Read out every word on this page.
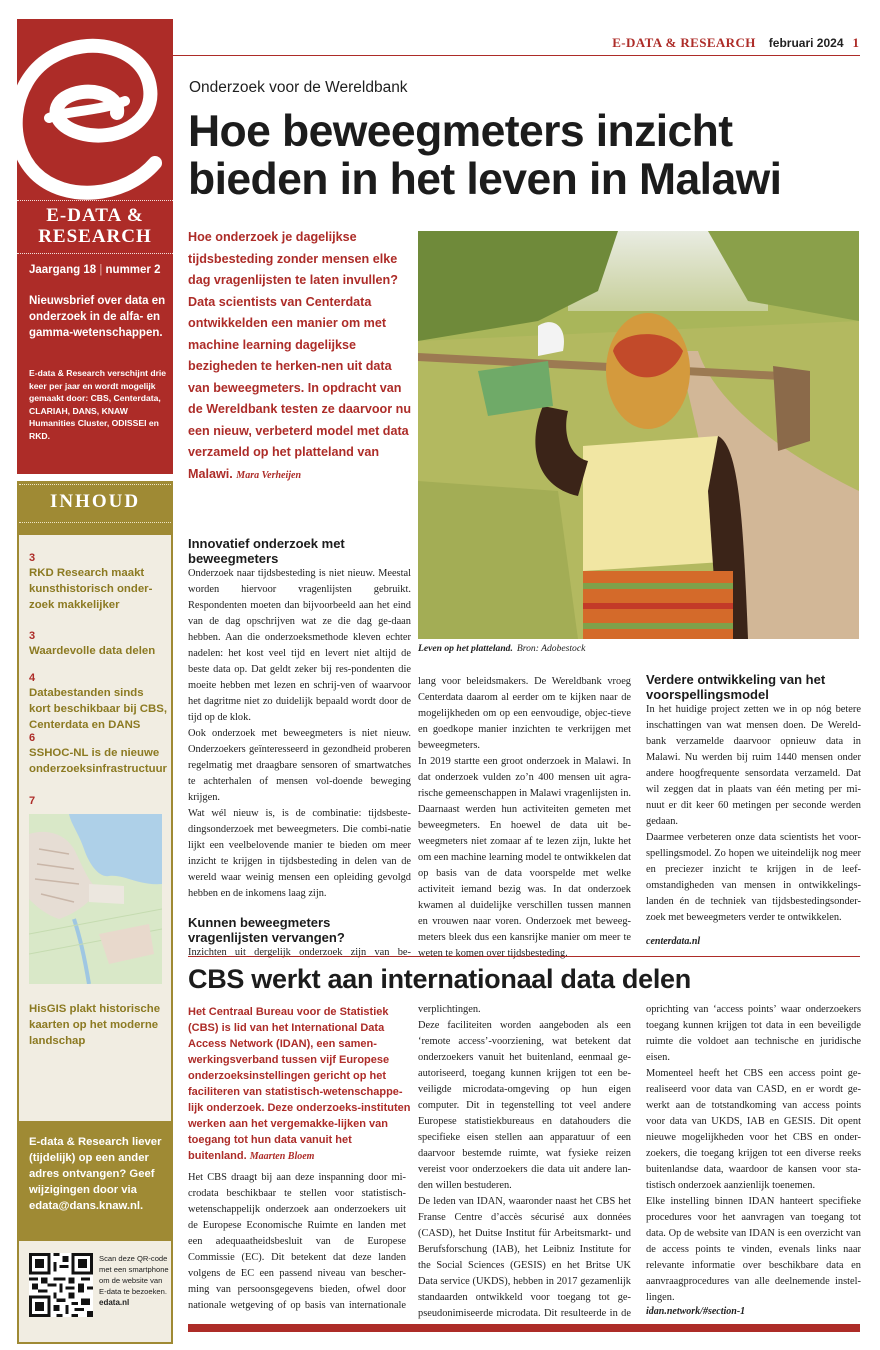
E-DATA &
RESEARCH
Jaargang 18 | nummer 2
Nieuwsbrief over data en onderzoek in de alfa- en gamma-wetenschappen.
E-data & Research verschijnt drie keer per jaar en wordt mogelijk gemaakt door: CBS, Centerdata, CLARIAH, DANS, KNAW Humanities Cluster, ODISSEI en RKD.
INHOUD
3
RKD Research maakt kunsthistorisch onder-zoek makkelijker
3
Waardevolle data delen
4
Databestanden sinds kort beschikbaar bij CBS, Centerdata en DANS
6
SSHOC-NL is de nieuwe onderzoeksinfrastructuur
7
HisGIS plakt historische kaarten op het moderne landschap
E-data & Research liever (tijdelijk) op een ander adres ontvangen? Geef wijzigingen door via edata@dans.knaw.nl.
Scan deze QR-code met een smartphone om de website van E-data te bezoeken.
edata.nl
E-DATA & RESEARCH februari 2024 1
Onderzoek voor de Wereldbank
Hoe beweegmeters inzicht bieden in het leven in Malawi
Hoe onderzoek je dagelijkse tijdsbesteding zonder mensen elke dag vragenlijsten te laten invullen? Data scientists van Centerdata ontwikkelden een manier om met machine learning dagelijkse bezigheden te herken-nen uit data van beweegmeters. In opdracht van de Wereldbank testen ze daarvoor nu een nieuw, verbeterd model met data verzameld op het platteland van Malawi. Mara Verheijen
Leven op het platteland. Bron: Adobestock
Innovatief onderzoek met beweegmeters

Onderzoek naar tijdsbesteding is niet nieuw. Meestal worden hiervoor vragenlijsten gebruikt. Respondenten moeten dan bijvoorbeeld aan het eind van de dag opschrijven wat ze die dag ge-daan hebben. Aan die onderzoeksmethode kleven echter nadelen: het kost veel tijd en levert niet altijd de beste data op. Dat geldt zeker bij res-pondenten die moeite hebben met lezen en schrij-ven of waarvoor het dagritme niet zo duidelijk bepaald wordt door de tijd op de klok.

Ook onderzoek met beweegmeters is niet nieuw. Onderzoekers geïnteresseerd in gezondheid proberen regelmatig met draagbare sensoren of smartwatches te achterhalen of mensen vol-doende beweging krijgen.

Wat wél nieuw is, is de combinatie: tijdsbeste-dingsonderzoek met beweegmeters. Die combi-natie lijkt een veelbelovende manier te bieden om meer inzicht te krijgen in tijdsbesteding in delen van de wereld waar weinig mensen een opleiding gevolgd hebben en de inkomens laag zijn.

Kunnen beweegmeters vragenlijsten vervangen?

Inzichten uit dergelijk onderzoek zijn van be-

lang voor beleidsmakers. De Wereldbank vroeg Centerdata daarom al eerder om te kijken naar de mogelijkheden om op een eenvoudige, objec-tieve en goedkope manier inzichten te verkrijgen met beweegmeters.

In 2019 startte een groot onderzoek in Malawi. In dat onderzoek vulden zo’n 400 mensen uit agra-rische gemeenschappen in Malawi vragenlijsten in. Daarnaast werden hun activiteiten gemeten met beweegmeters. En hoewel de data uit be-weegmeters niet zomaar af te lezen zijn, lukte het om een machine learning model te ontwikkelen dat op basis van de data voorspelde met welke activiteit iemand bezig was. In dat onderzoek kwamen al duidelijke verschillen tussen mannen en vrouwen naar voren. Onderzoek met beweeg-meters bleek dus een kansrijke manier om meer te weten te komen over tijdsbesteding.

Verdere ontwikkeling van het voorspellingsmodel

In het huidige project zetten we in op nóg betere inschattingen van wat mensen doen. De Wereld-bank verzamelde daarvoor opnieuw data in Malawi. Nu werden bij ruim 1440 mensen onder andere hoogfrequente sensordata verzameld. Dat wil zeggen dat in plaats van één meting per mi-nuut er dit keer 60 metingen per seconde werden gedaan.

Daarmee verbeteren onze data scientists het voor-spellingsmodel. Zo hopen we uiteindelijk nog meer en preciezer inzicht te krijgen in de leef-omstandigheden van mensen in ontwikkelings-landen én de techniek van tijdsbestedingsonder-zoek met beweegmeters verder te ontwikkelen.

centerdata.nl
CBS werkt aan internationaal data delen
Het Centraal Bureau voor de Statistiek (CBS) is lid van het International Data Access Network (IDAN), een samen-werkingsverband tussen vijf Europese onderzoeksinstellingen gericht op het faciliteren van statistisch-wetenschappe-lijk onderzoek. Deze onderzoeks-instituten werken aan het vergemakke-lijken van toegang tot hun data vanuit het buitenland. Maarten Bloem

Het CBS draagt bij aan deze inspanning door mi-crodata beschikbaar te stellen voor statistisch-wetenschappelijk onderzoek aan onderzoekers uit de Europese Economische Ruimte en landen met een adequaatheidsbesluit van de Europese Commissie (EC). Dit betekent dat deze landen volgens de EC een passend niveau van bescher-ming van persoonsgegevens bieden, ofwel door nationale wetgeving of op basis van internationale

verplichtingen.

Deze faciliteiten worden aangeboden als een ‘remote access’-voorziening, wat betekent dat onderzoekers vanuit het buitenland, eenmaal ge-autoriseerd, toegang kunnen krijgen tot een be-veiligde microdata-omgeving op hun eigen computer. Dit in tegenstelling tot veel andere Europese statistiekbureaus en datahouders die specifieke eisen stellen aan apparatuur of een daarvoor bestemde ruimte, wat fysieke reizen vereist voor onderzoekers die data uit andere lan-den willen bestuderen.

De leden van IDAN, waaronder naast het CBS het Franse Centre d’accès sécurisé aux données (CASD), het Duitse Institut für Arbeitsmarkt- und Berufsforschung (IAB), het Leibniz Institute for the Social Sciences (GESIS) en het Britse UK Data service (UKDS), hebben in 2017 gezamenlijk standaarden ontwikkeld voor toegang tot ge-pseudonimiseerde microdata. Dit resulteerde in de

oprichting van ‘access points’ waar onderzoekers toegang kunnen krijgen tot data in een beveiligde ruimte die voldoet aan technische en juridische eisen.

Momenteel heeft het CBS een access point ge-realiseerd voor data van CASD, en er wordt ge-werkt aan de totstandkoming van access points voor data van UKDS, IAB en GESIS. Dit opent nieuwe mogelijkheden voor het CBS en onder-zoekers, die toegang krijgen tot een diverse reeks buitenlandse data, waardoor de kansen voor sta-tistisch onderzoek aanzienlijk toenemen.

Elke instelling binnen IDAN hanteert specifieke procedures voor het aanvragen van toegang tot data. Op de website van IDAN is een overzicht van de access points te vinden, evenals links naar relevante informatie over beschikbare data en aanvraagprocedures van alle deelnemende instel-lingen.

idan.network/#section-1
